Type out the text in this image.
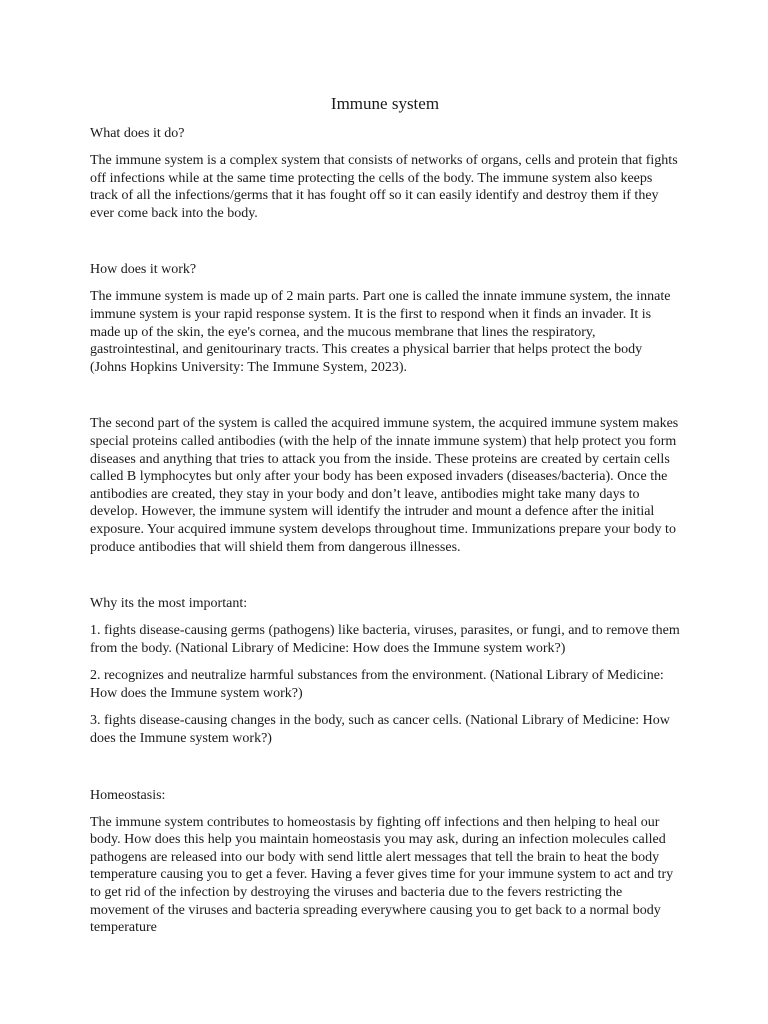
Immune system
What does it do?
The immune system is a complex system that consists of networks of organs, cells and protein that fights off infections while at the same time protecting the cells of the body. The immune system also keeps track of all the infections/germs that it has fought off so it can easily identify and destroy them if they ever come back into the body.
How does it work?
The immune system is made up of 2 main parts. Part one is called the innate immune system, the innate immune system is your rapid response system. It is the first to respond when it finds an invader. It is made up of the skin, the eye's cornea, and the mucous membrane that lines the respiratory, gastrointestinal, and genitourinary tracts. This creates a physical barrier that helps protect the body (Johns Hopkins University: The Immune System, 2023).
The second part of the system is called the acquired immune system, the acquired immune system makes special proteins called antibodies (with the help of the innate immune system) that help protect you form diseases and anything that tries to attack you from the inside. These proteins are created by certain cells called B lymphocytes but only after your body has been exposed invaders (diseases/bacteria). Once the antibodies are created, they stay in your body and don’t leave, antibodies might take many days to develop. However, the immune system will identify the intruder and mount a defence after the initial exposure. Your acquired immune system develops throughout time. Immunizations prepare your body to produce antibodies that will shield them from dangerous illnesses.
Why its the most important:
1. fights disease-causing germs (pathogens) like bacteria, viruses, parasites, or fungi, and to remove them from the body. (National Library of Medicine: How does the Immune system work?)
2. recognizes and neutralize harmful substances from the environment. (National Library of Medicine: How does the Immune system work?)
3. fights disease-causing changes in the body, such as cancer cells. (National Library of Medicine: How does the Immune system work?)
Homeostasis:
The immune system contributes to homeostasis by fighting off infections and then helping to heal our body. How does this help you maintain homeostasis you may ask, during an infection molecules called pathogens are released into our body with send little alert messages that tell the brain to heat the body temperature causing you to get a fever. Having a fever gives time for your immune system to act and try to get rid of the infection by destroying the viruses and bacteria due to the fevers restricting the movement of the viruses and bacteria spreading everywhere causing you to get back to a normal body temperature
